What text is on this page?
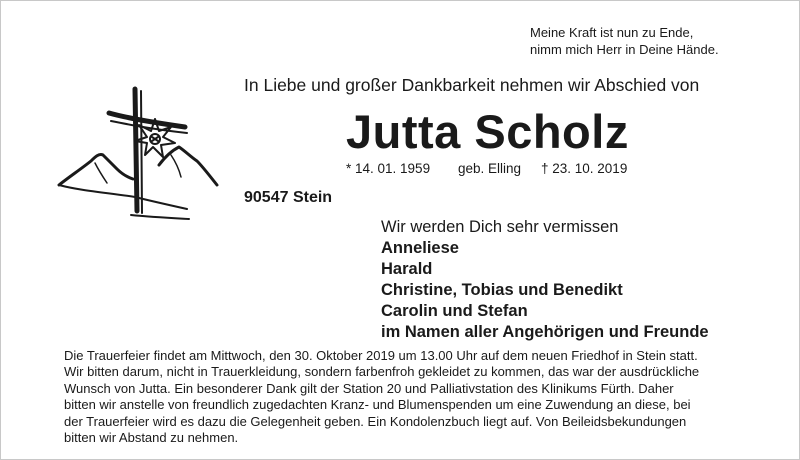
Meine Kraft ist nun zu Ende,
nimm mich Herr in Deine Hände.
In Liebe und großer Dankbarkeit nehmen wir Abschied von
Jutta Scholz
* 14. 01. 1959 geb. Elling † 23. 10. 2019
90547 Stein
Wir werden Dich sehr vermissen
Anneliese
Harald
Christine, Tobias und Benedikt
Carolin und Stefan
im Namen aller Angehörigen und Freunde
Die Trauerfeier findet am Mittwoch, den 30. Oktober 2019 um 13.00 Uhr auf dem neuen Friedhof in Stein statt.
Wir bitten darum, nicht in Trauerkleidung, sondern farbenfroh gekleidet zu kommen, das war der ausdrückliche
Wunsch von Jutta. Ein besonderer Dank gilt der Station 20 und Palliativstation des Klinikums Fürth. Daher
bitten wir anstelle von freundlich zugedachten Kranz- und Blumenspenden um eine Zuwendung an diese, bei
der Trauerfeier wird es dazu die Gelegenheit geben. Ein Kondolenzbuch liegt auf. Von Beileidsbekundungen
bitten wir Abstand zu nehmen.
